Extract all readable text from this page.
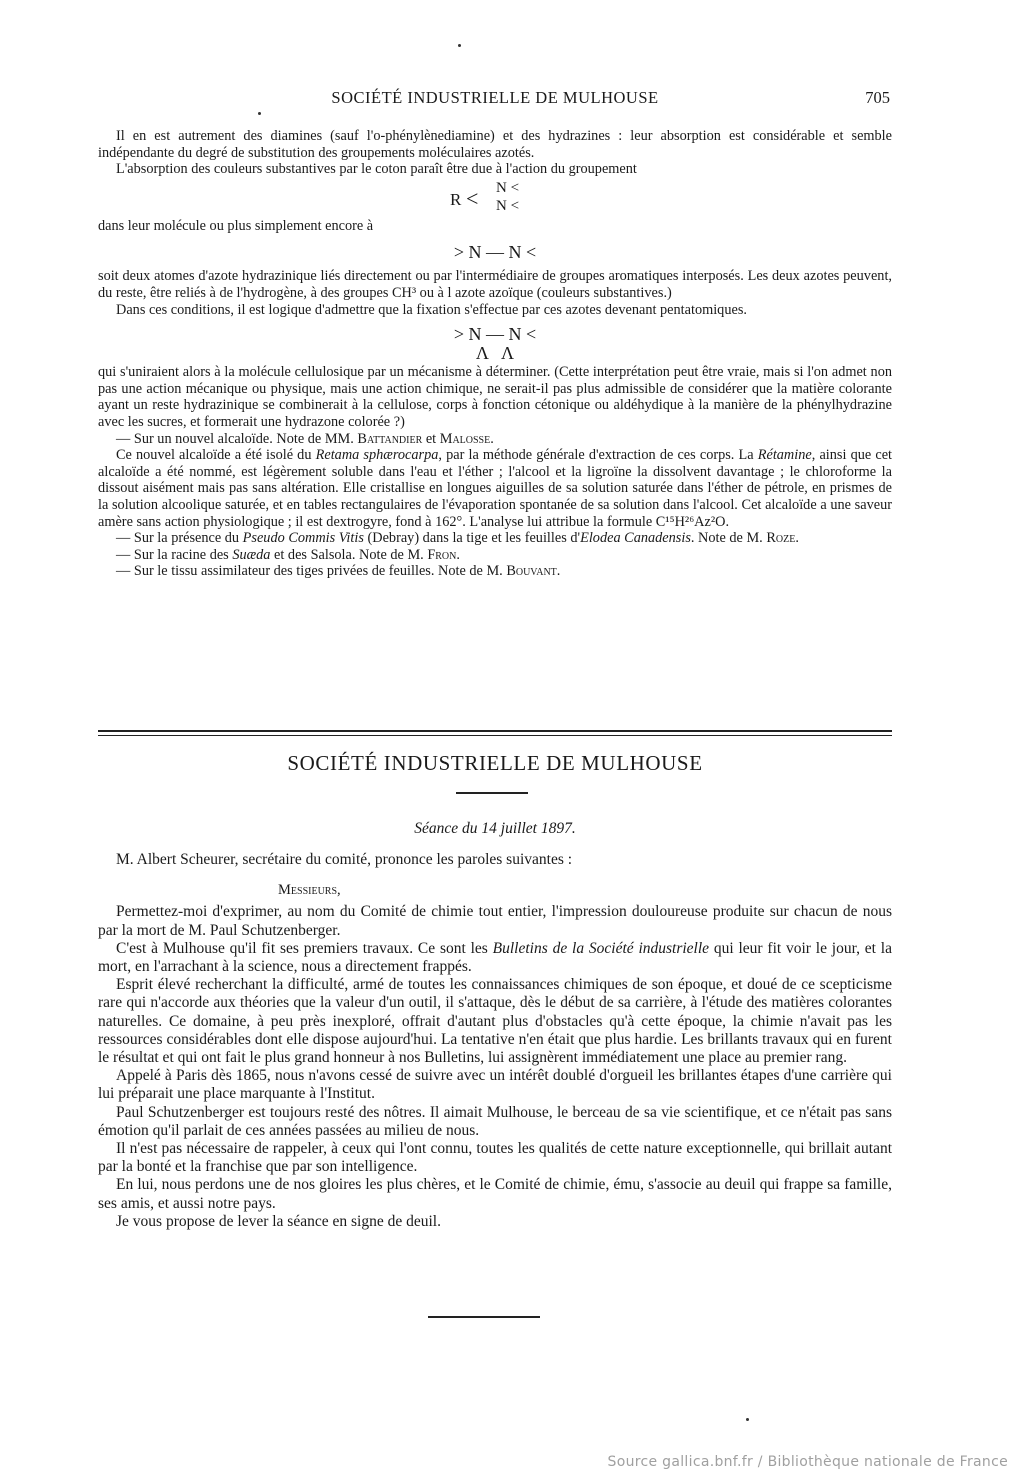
SOCIÉTÉ INDUSTRIELLE DE MULHOUSE	705

Il en est autrement des diamines (sauf l'o-phénylènediamine) et des hydrazines : leur absorption est considérable et semble indépendante du degré de substitution des groupements moléculaires azotés.

L'absorption des couleurs substantives par le coton paraît être due à l'action du groupement

R < N <
N <

dans leur molécule ou plus simplement encore à

> N — N <

soit deux atomes d'azote hydrazinique liés directement ou par l'intermédiaire de groupes aromatiques interposés. Les deux azotes peuvent, du reste, être reliés à de l'hydrogène, à des groupes CH³ ou à l azote azoïque (couleurs substantives.)

Dans ces conditions, il est logique d'admettre que la fixation s'effectue par ces azotes devenant pentatomiques.

> N — N <
Λ   Λ

qui s'uniraient alors à la molécule cellulosique par un mécanisme à déterminer. (Cette interprétation peut être vraie, mais si l'on admet non pas une action mécanique ou physique, mais une action chimique, ne serait-il pas plus admissible de considérer que la matière colorante ayant un reste hydrazinique se combinerait à la cellulose, corps à fonction cétonique ou aldéhydique à la manière de la phénylhydrazine avec les sucres, et formerait une hydrazone colorée ?)

— Sur un nouvel alcaloïde. Note de MM. Battandier et Malosse.

Ce nouvel alcaloïde a été isolé du Retama sphærocarpa, par la méthode générale d'extraction de ces corps. La Rétamine, ainsi que cet alcaloïde a été nommé, est légèrement soluble dans l'eau et l'éther ; l'alcool et la ligroïne la dissolvent davantage ; le chloroforme la dissout aisément mais pas sans altération. Elle cristallise en longues aiguilles de sa solution saturée dans l'éther de pétrole, en prismes de la solution alcoolique saturée, et en tables rectangulaires de l'évaporation spontanée de sa solution dans l'alcool. Cet alcaloïde a une saveur amère sans action physiologique ; il est dextrogyre, fond à 162°. L'analyse lui attribue la formule C¹⁵H²⁶Az²O.

— Sur la présence du Pseudo Commis Vitis (Debray) dans la tige et les feuilles d'Elodea Canadensis. Note de M. Roze.

— Sur la racine des Suæda et des Salsola. Note de M. Fron.

— Sur le tissu assimilateur des tiges privées de feuilles. Note de M. Bouvant.

SOCIÉTÉ INDUSTRIELLE DE MULHOUSE
Séance du 14 juillet 1897.

M. Albert Scheurer, secrétaire du comité, prononce les paroles suivantes :

Messieurs,

Permettez-moi d'exprimer, au nom du Comité de chimie tout entier, l'impression douloureuse produite sur chacun de nous par la mort de M. Paul Schutzenberger.

C'est à Mulhouse qu'il fit ses premiers travaux. Ce sont les Bulletins de la Société industrielle qui leur fit voir le jour, et la mort, en l'arrachant à la science, nous a directement frappés.

Esprit élevé recherchant la difficulté, armé de toutes les connaissances chimiques de son époque, et doué de ce scepticisme rare qui n'accorde aux théories que la valeur d'un outil, il s'attaque, dès le début de sa carrière, à l'étude des matières colorantes naturelles. Ce domaine, à peu près inexploré, offrait d'autant plus d'obstacles qu'à cette époque, la chimie n'avait pas les ressources considérables dont elle dispose aujourd'hui. La tentative n'en était que plus hardie. Les brillants travaux qui en furent le résultat et qui ont fait le plus grand honneur à nos Bulletins, lui assignèrent immédiatement une place au premier rang.

Appelé à Paris dès 1865, nous n'avons cessé de suivre avec un intérêt doublé d'orgueil les brillantes étapes d'une carrière qui lui préparait une place marquante à l'Institut.

Paul Schutzenberger est toujours resté des nôtres. Il aimait Mulhouse, le berceau de sa vie scientifique, et ce n'était pas sans émotion qu'il parlait de ces années passées au milieu de nous.

Il n'est pas nécessaire de rappeler, à ceux qui l'ont connu, toutes les qualités de cette nature exceptionnelle, qui brillait autant par la bonté et la franchise que par son intelligence.

En lui, nous perdons une de nos gloires les plus chères, et le Comité de chimie, ému, s'associe au deuil qui frappe sa famille, ses amis, et aussi notre pays.

Je vous propose de lever la séance en signe de deuil.

Source gallica.bnf.fr / Bibliothèque nationale de France
